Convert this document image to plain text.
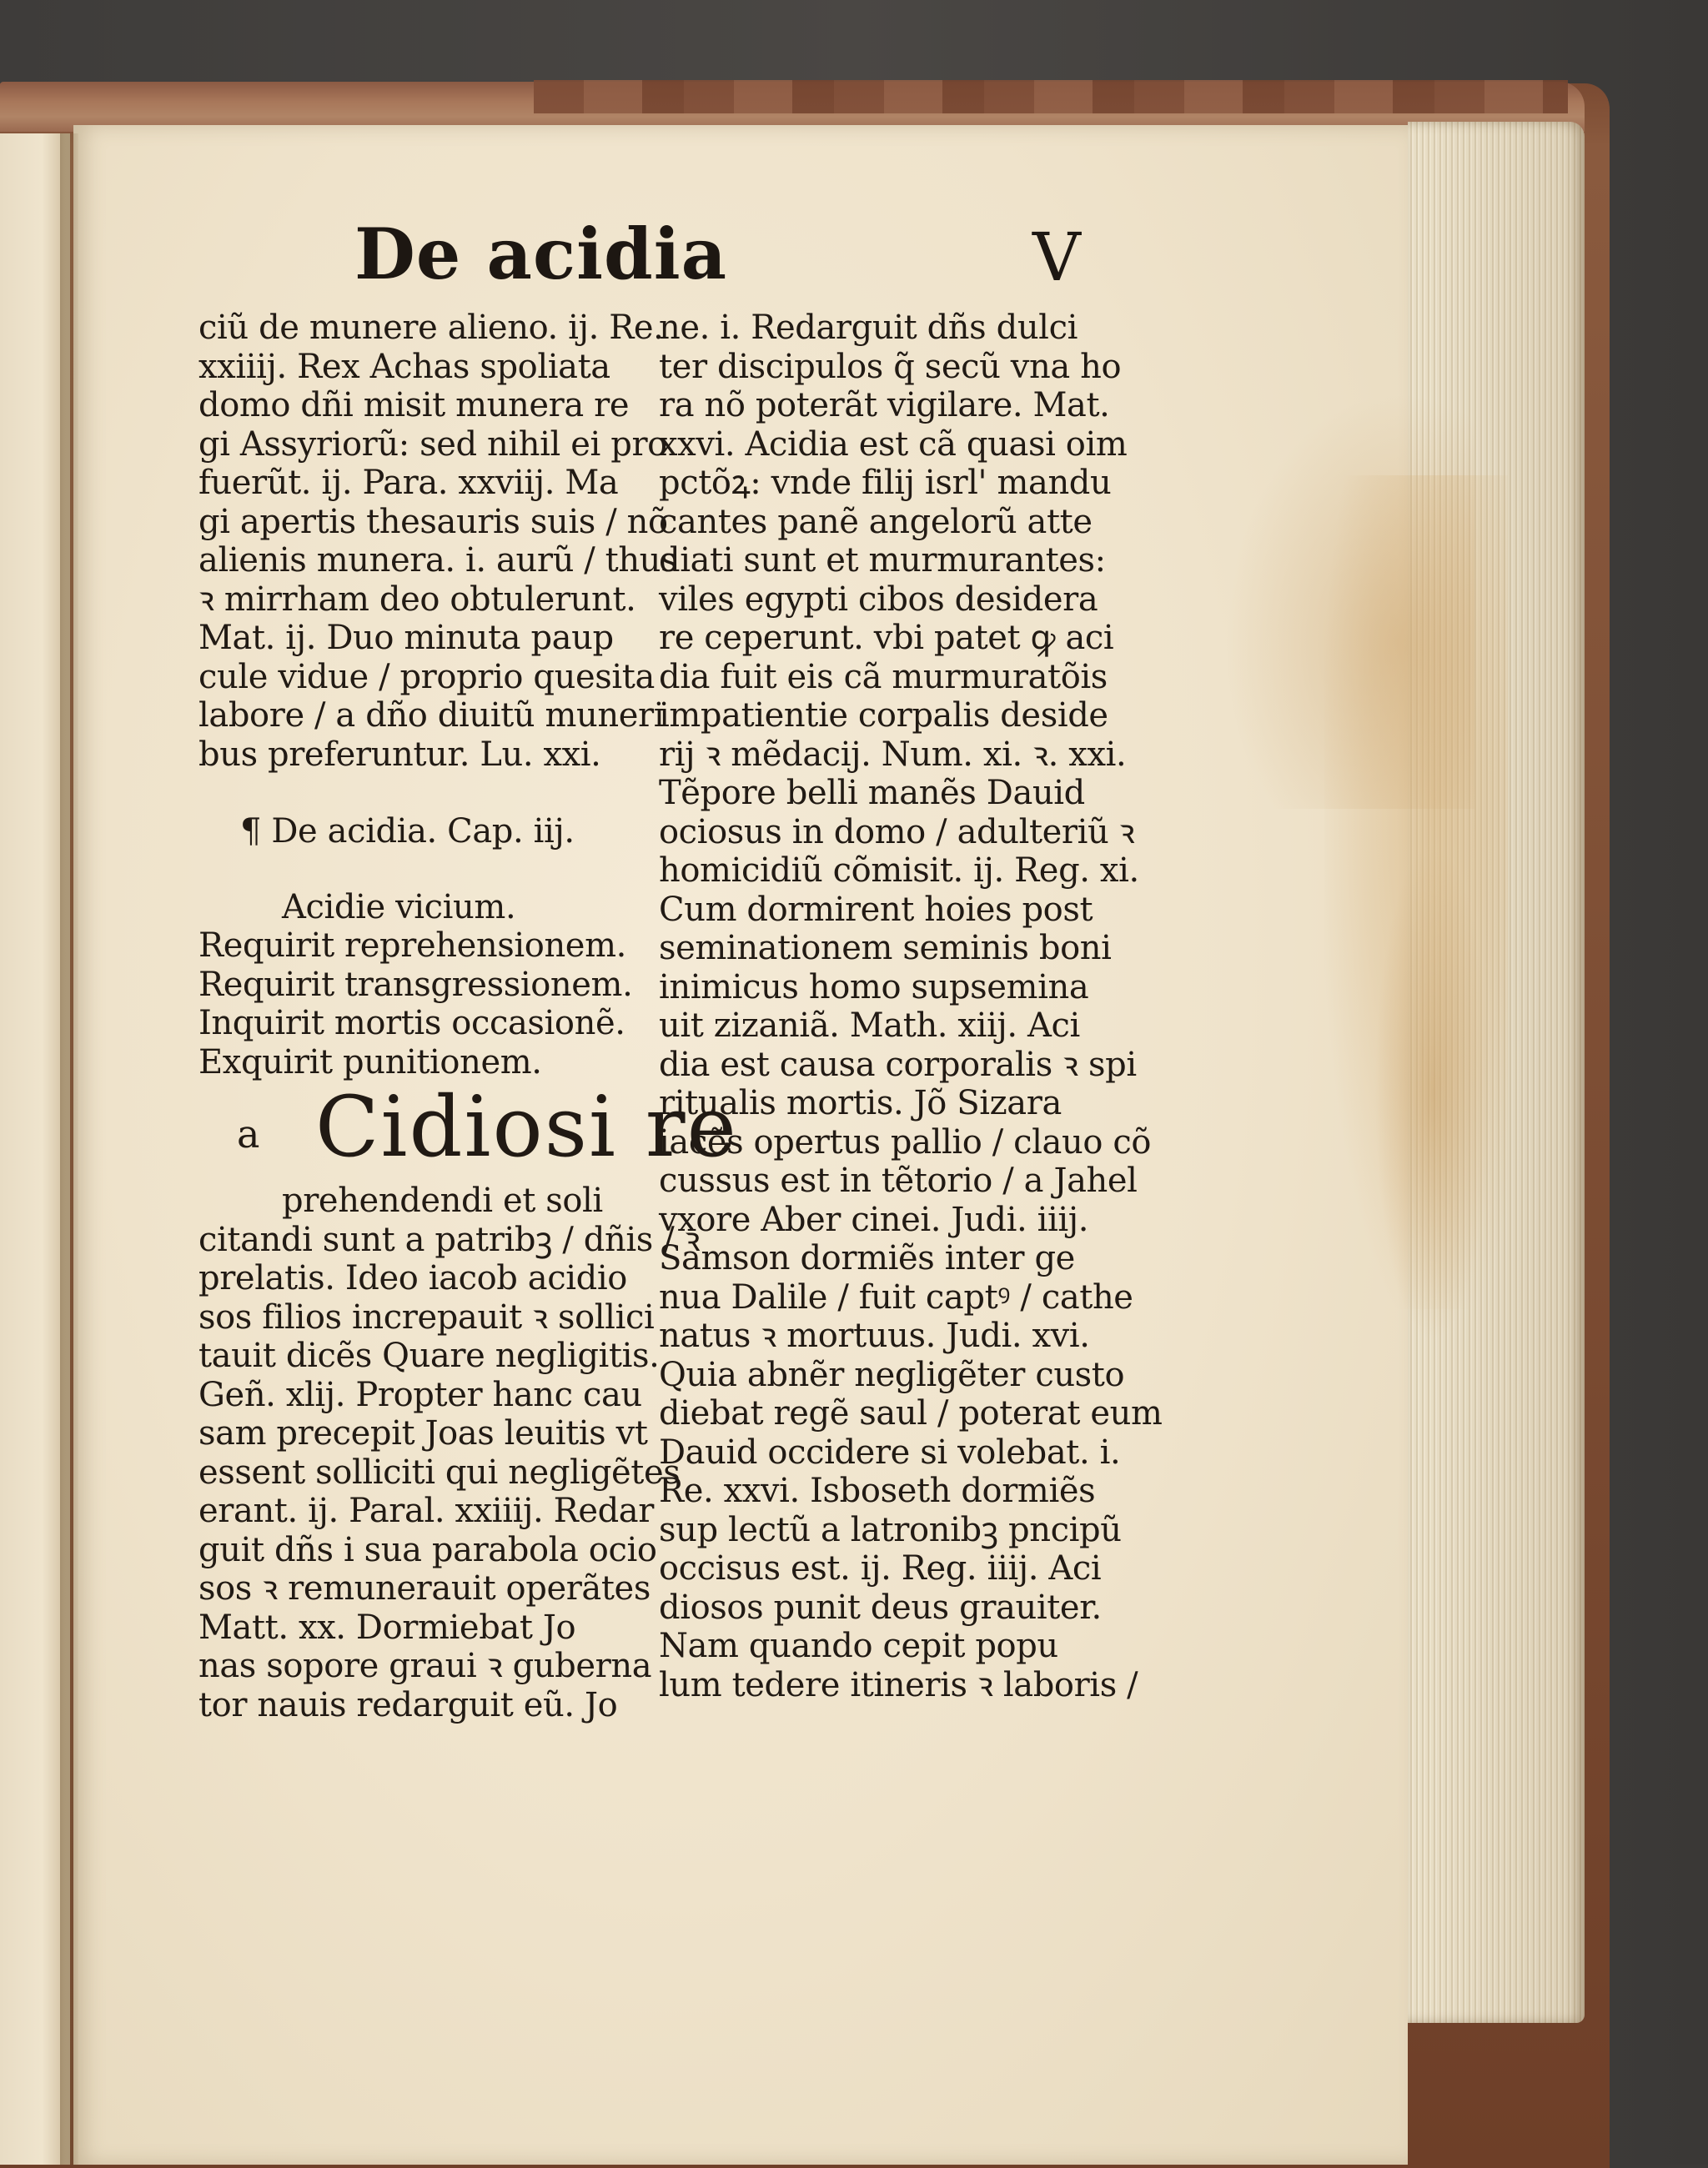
De acidia	V
ciũ de munere alieno. ij. Re.
xxiiij. Rex Achas spoliata
domo dñi misit munera re
gi Assyriorũ: sed nihil ei pro
fuerũt. ij. Para. xxviij. Ma
gi apertis thesauris suis / nõ
alienis munera. i. aurũ / thus
ꝛ mirrham deo obtulerunt.
Mat. ij. Duo minuta paup
cule vidue / proprio quesita
labore / a dño diuitũ muneri
bus preferuntur. Lu. xxi.
¶ De acidia. Cap. iij.
Acidie vicium.
Requirit reprehensionem.
Requirit transgressionem.
Inquirit mortis occasionẽ.
Exquirit punitionem.
a Cidiosi re
prehendendi et soli
citandi sunt a patribꝫ / dñis / ꝛ
prelatis. Ideo iacob acidio
sos filios increpauit ꝛ sollici
tauit dicẽs Quare negligitis.
Geñ. xlij. Propter hanc cau
sam precepit Joas leuitis vt
essent solliciti qui negligẽtes
erant. ij. Paral. xxiiij. Redar
guit dñs i sua parabola ocio
sos ꝛ remunerauit operãtes
Matt. xx. Dormiebat Jo
nas sopore graui ꝛ guberna
tor nauis redarguit eũ. Jo
ne. i. Redarguit dñs dulci
ter discipulos q̃ secũ vna ho
ra nõ poterãt vigilare. Mat.
xxvi. Acidia est cã quasi oim
pctõꝝ: vnde filij isrl' mandu
cantes panẽ angelorũ atte
diati sunt et murmurantes:
viles egypti cibos desidera
re ceperunt. vbi patet ꝙ aci
dia fuit eis cã murmuratõis
impatientie corpalis deside
rij ꝛ mẽdacij. Num. xi. ꝛ. xxi.
Tẽpore belli manẽs Dauid
ociosus in domo / adulteriũ ꝛ
homicidiũ cõmisit. ij. Reg. xi.
Cum dormirent hoies post
seminationem seminis boni
inimicus homo supsemina
uit zizaniã. Math. xiij. Aci
dia est causa corporalis ꝛ spi
ritualis mortis. Jõ Sizara
iacẽs opertus pallio / clauo cõ
cussus est in tẽtorio / a Jahel
vxore Aber cinei. Judi. iiij.
Samson dormiẽs inter ge
nua Dalile / fuit captꝰ / cathe
natus ꝛ mortuus. Judi. xvi.
Quia abnẽr negligẽter custo
diebat regẽ saul / poterat eum
Dauid occidere si volebat. i.
Re. xxvi. Isboseth dormiẽs
sup lectũ a latronibꝫ pncipũ
occisus est. ij. Reg. iiij. Aci
diosos punit deus grauiter.
Nam quando cepit popu
lum tedere itineris ꝛ laboris /
